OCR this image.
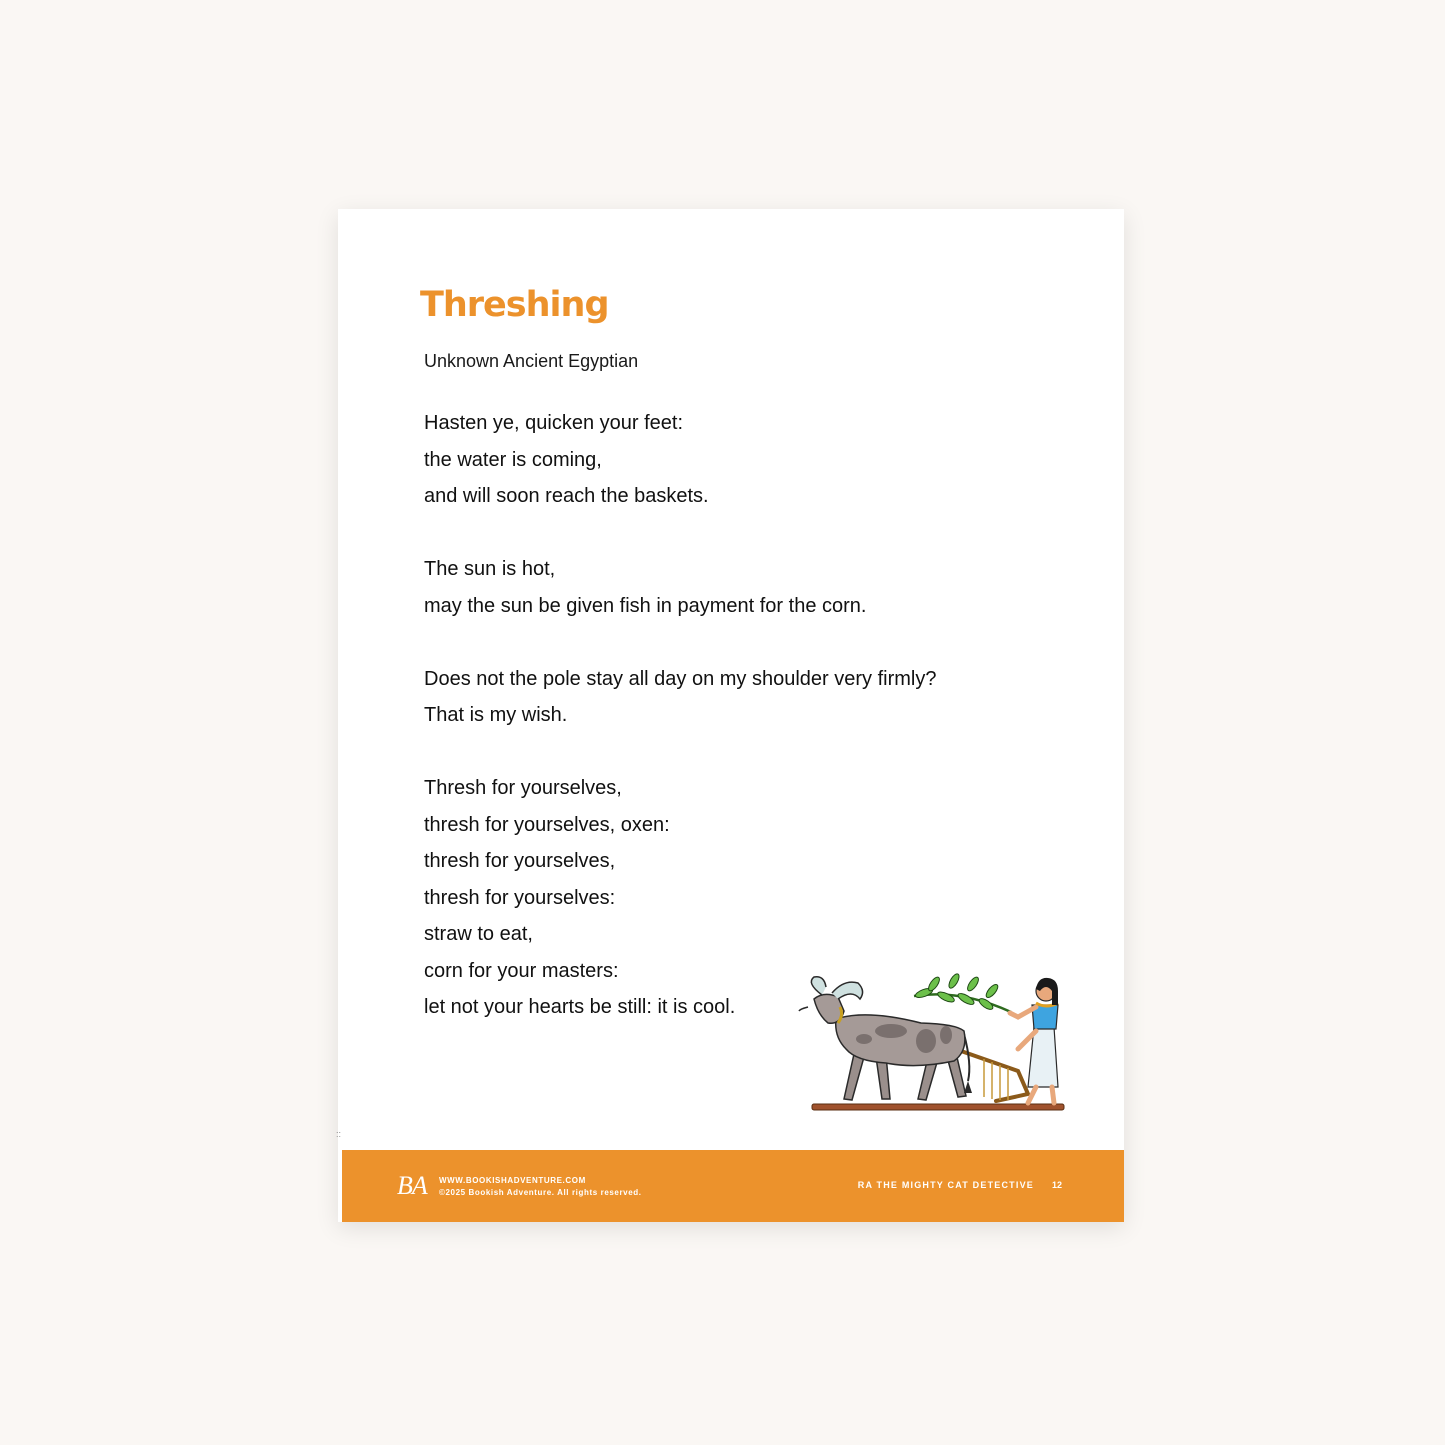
Threshing
Unknown Ancient Egyptian
Hasten ye, quicken your feet:
the water is coming,
and will soon reach the baskets.
The sun is hot,
may the sun be given fish in payment for the corn.
Does not the pole stay all day on my shoulder very firmly?
That is my wish.
Thresh for yourselves,
thresh for yourselves, oxen:
thresh for yourselves,
thresh for yourselves:
straw to eat,
corn for your masters:
let not your hearts be still: it is cool.
::
BA WWW.BOOKISHADVENTURE.COM
©2025 Bookish Adventure. All rights reserved.
RA THE MIGHTY CAT DETECTIVE 12
